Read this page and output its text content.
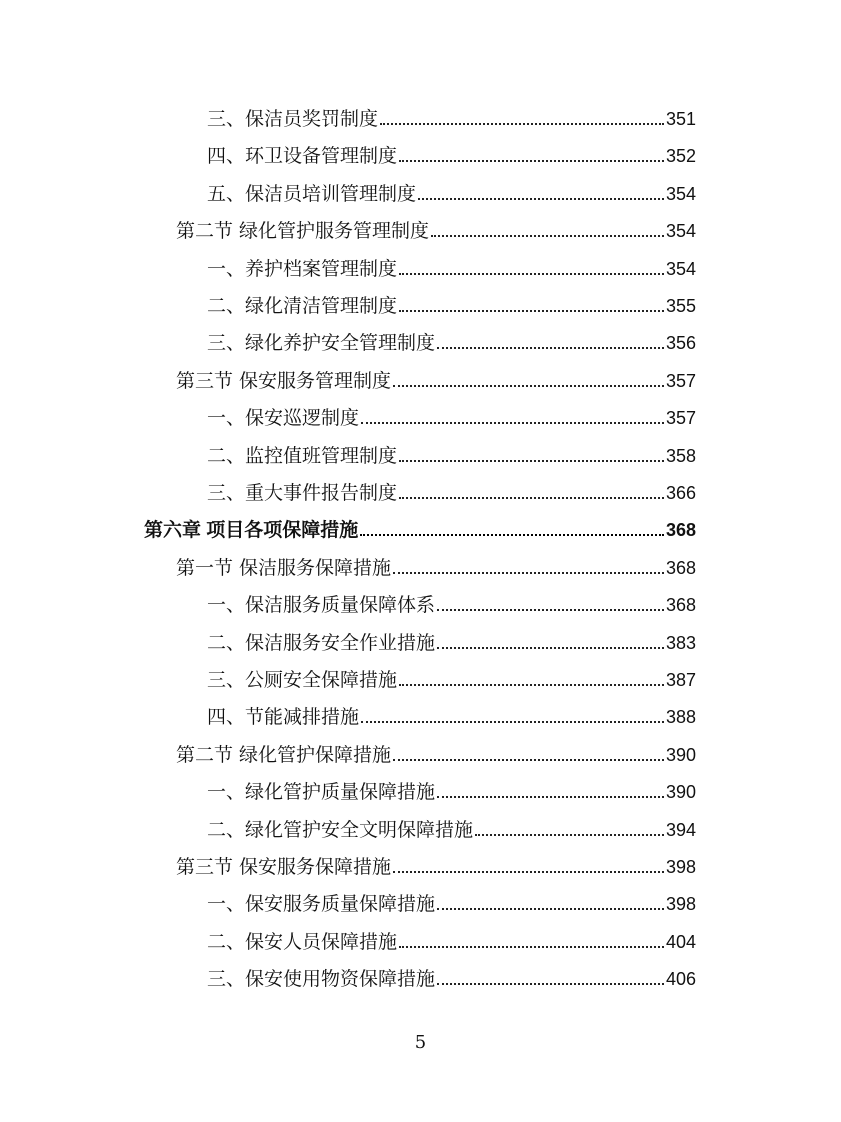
三、保洁员奖罚制度	351
四、环卫设备管理制度	352
五、保洁员培训管理制度	354
第二节 绿化管护服务管理制度	354
一、养护档案管理制度	354
二、绿化清洁管理制度	355
三、绿化养护安全管理制度	356
第三节 保安服务管理制度	357
一、保安巡逻制度	357
二、监控值班管理制度	358
三、重大事件报告制度	366
第六章 项目各项保障措施	368
第一节 保洁服务保障措施	368
一、保洁服务质量保障体系	368
二、保洁服务安全作业措施	383
三、公厕安全保障措施	387
四、节能减排措施	388
第二节 绿化管护保障措施	390
一、绿化管护质量保障措施	390
二、绿化管护安全文明保障措施	394
第三节 保安服务保障措施	398
一、保安服务质量保障措施	398
二、保安人员保障措施	404
三、保安使用物资保障措施	406
5
